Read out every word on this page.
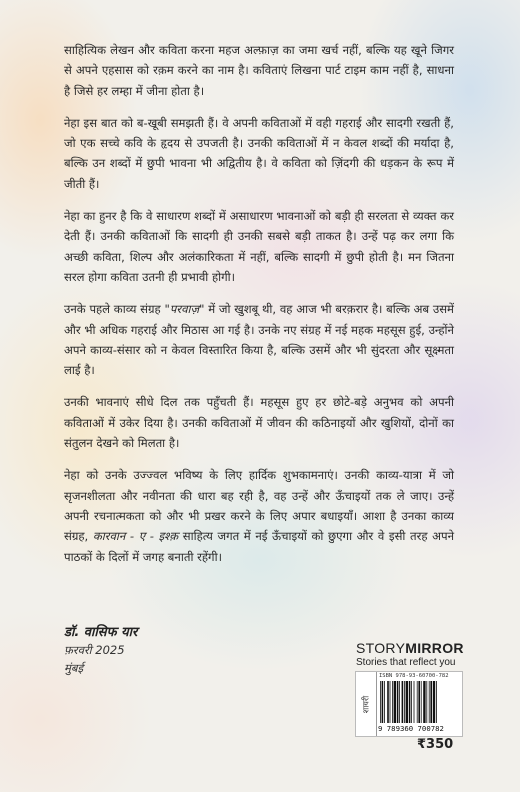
साहित्यिक लेखन और कविता करना महज अल्फ़ाज़ का जमा खर्च नहीं, बल्कि यह खूने जिगर से अपने एहसास को रक़म करने का नाम है। कविताएं लिखना पार्ट टाइम काम नहीं है, साधना है जिसे हर लम्हा में जीना होता है।

नेहा इस बात को ब-खूबी समझती हैं। वे अपनी कविताओं में वही गहराई और सादगी रखती हैं, जो एक सच्चे कवि के हृदय से उपजती है। उनकी कविताओं में न केवल शब्दों की मर्यादा है, बल्कि उन शब्दों में छुपी भावना भी अद्वितीय है। वे कविता को ज़िंदगी की धड़कन के रूप में जीती हैं।

नेहा का हुनर है कि वे साधारण शब्दों में असाधारण भावनाओं को बड़ी ही सरलता से व्यक्त कर देती हैं। उनकी कविताओं कि सादगी ही उनकी सबसे बड़ी ताकत है। उन्हें पढ़ कर लगा कि अच्छी कविता, शिल्प और अलंकारिकता में नहीं, बल्कि सादगी में छुपी होती है। मन जितना सरल होगा कविता उतनी ही प्रभावी होगी।

उनके पहले काव्य संग्रह "परवाज़" में जो खुशबू थी, वह आज भी बरक़रार है। बल्कि अब उसमें और भी अधिक गहराई और मिठास आ गई है। उनके नए संग्रह में नई महक महसूस हुई, उन्होंने अपने काव्य-संसार को न केवल विस्तारित किया है, बल्कि उसमें और भी सुंदरता और सूक्ष्मता लाई है।

उनकी भावनाएं सीधे दिल तक पहुँचती हैं। महसूस हुए हर छोटे-बड़े अनुभव को अपनी कविताओं में उकेर दिया है। उनकी कविताओं में जीवन की कठिनाइयों और खुशियों, दोनों का संतुलन देखने को मिलता है।

नेहा को उनके उज्ज्वल भविष्य के लिए हार्दिक शुभकामनाएं। उनकी काव्य-यात्रा में जो सृजनशीलता और नवीनता की धारा बह रही है, वह उन्हें और ऊँचाइयों तक ले जाए। उन्हें अपनी रचनात्मकता को और भी प्रखर करने के लिए अपार बधाइयाँ। आशा है उनका काव्य संग्रह, कारवान - ए - इश्क़ साहित्य जगत में नई ऊँचाइयों को छुएगा और वे इसी तरह अपने पाठकों के दिलों में जगह बनाती रहेंगी।

डॉ. वासिफ यार
फ़रवरी 2025
मुंबई
STORYMIRROR
Stories that reflect you
शायरी
ISBN 978-93-60700-782
9 789360 700782
₹350
